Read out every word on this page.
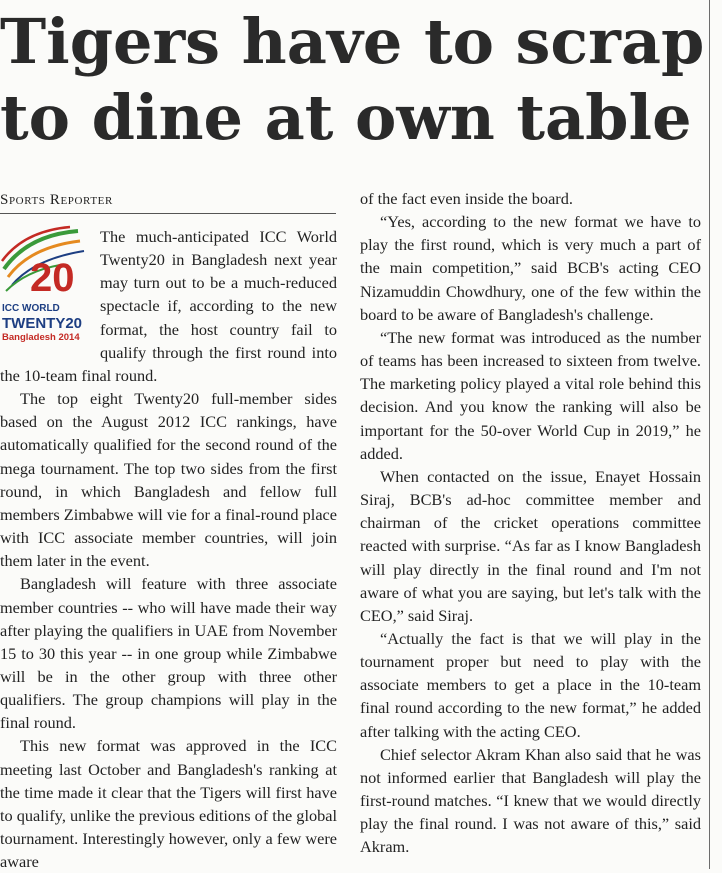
Tigers have to scrap
to dine at own table
Sports Reporter
20
ICC WORLD
TWENTY20
Bangladesh 2014

The much-anticipated ICC World Twenty20 in Bangladesh next year may turn out to be a much-reduced spectacle if, according to the new format, the host country fail to qualify through the first round into the 10-team final round.

The top eight Twenty20 full-member sides based on the August 2012 ICC rankings, have automatically qualified for the second round of the mega tournament. The top two sides from the first round, in which Bangladesh and fellow full members Zimbabwe will vie for a final-round place with ICC associate member countries, will join them later in the event.

Bangladesh will feature with three associate member countries -- who will have made their way after playing the qualifiers in UAE from November 15 to 30 this year -- in one group while Zimbabwe will be in the other group with three other qualifiers. The group champions will play in the final round.

This new format was approved in the ICC meeting last October and Bangladesh's ranking at the time made it clear that the Tigers will first have to qualify, unlike the previous editions of the global tournament. Interestingly however, only a few were aware

of the fact even inside the board.

“Yes, according to the new format we have to play the first round, which is very much a part of the main competition,” said BCB's acting CEO Nizamuddin Chowdhury, one of the few within the board to be aware of Bangladesh's challenge.

“The new format was introduced as the number of teams has been increased to sixteen from twelve. The marketing policy played a vital role behind this decision. And you know the ranking will also be important for the 50-over World Cup in 2019,” he added.

When contacted on the issue, Enayet Hossain Siraj, BCB's ad-hoc committee member and chairman of the cricket operations committee reacted with surprise. “As far as I know Bangladesh will play directly in the final round and I'm not aware of what you are saying, but let's talk with the CEO,” said Siraj.

“Actually the fact is that we will play in the tournament proper but need to play with the associate members to get a place in the 10-team final round according to the new format,” he added after talking with the acting CEO.

Chief selector Akram Khan also said that he was not informed earlier that Bangladesh will play the first-round matches. “I knew that we would directly play the final round. I was not aware of this,” said Akram.
